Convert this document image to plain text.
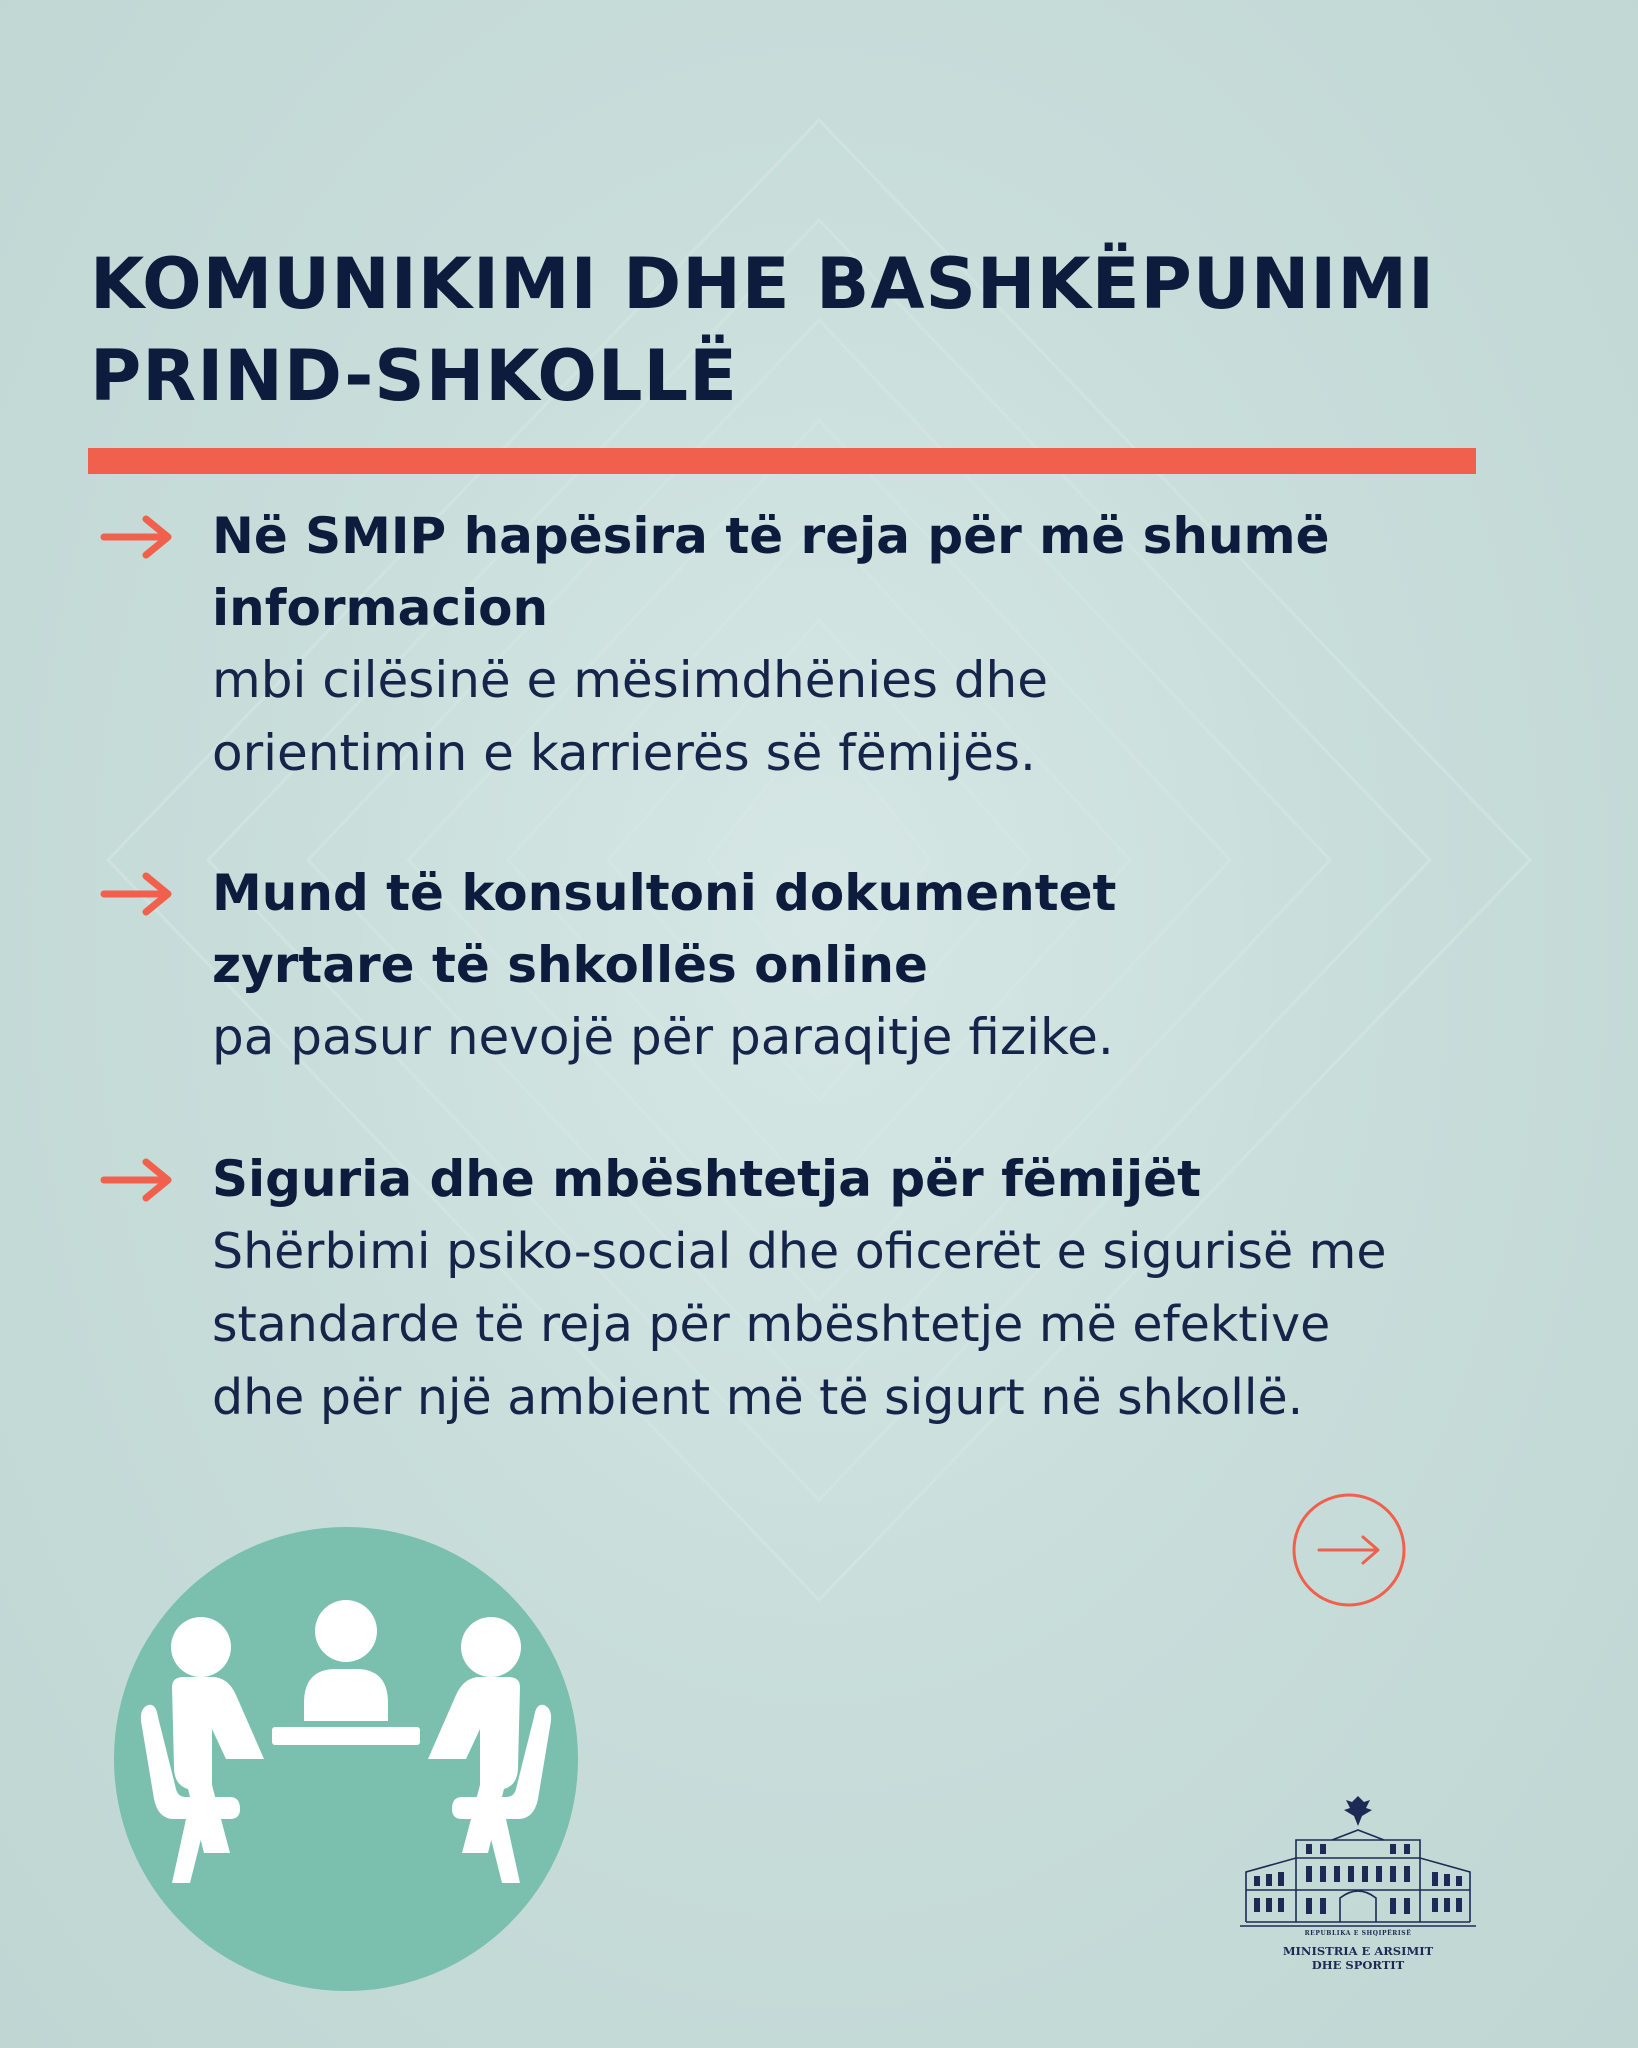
KOMUNIKIMI DHE BASHKËPUNIMI
PRIND-SHKOLLË
Në SMIP hapësira të reja për më shumë
informacion
mbi cilësinë e mësimdhënies dhe
orientimin e karrierës së fëmijës.
Mund të konsultoni dokumentet
zyrtare të shkollës online
pa pasur nevojë për paraqitje fizike.
Siguria dhe mbështetja për fëmijët
Shërbimi psiko-social dhe oficerët e sigurisë me
standarde të reja për mbështetje më efektive
dhe për një ambient më të sigurt në shkollë.
REPUBLIKA E SHQIPËRISË
MINISTRIA E ARSIMIT
DHE SPORTIT
